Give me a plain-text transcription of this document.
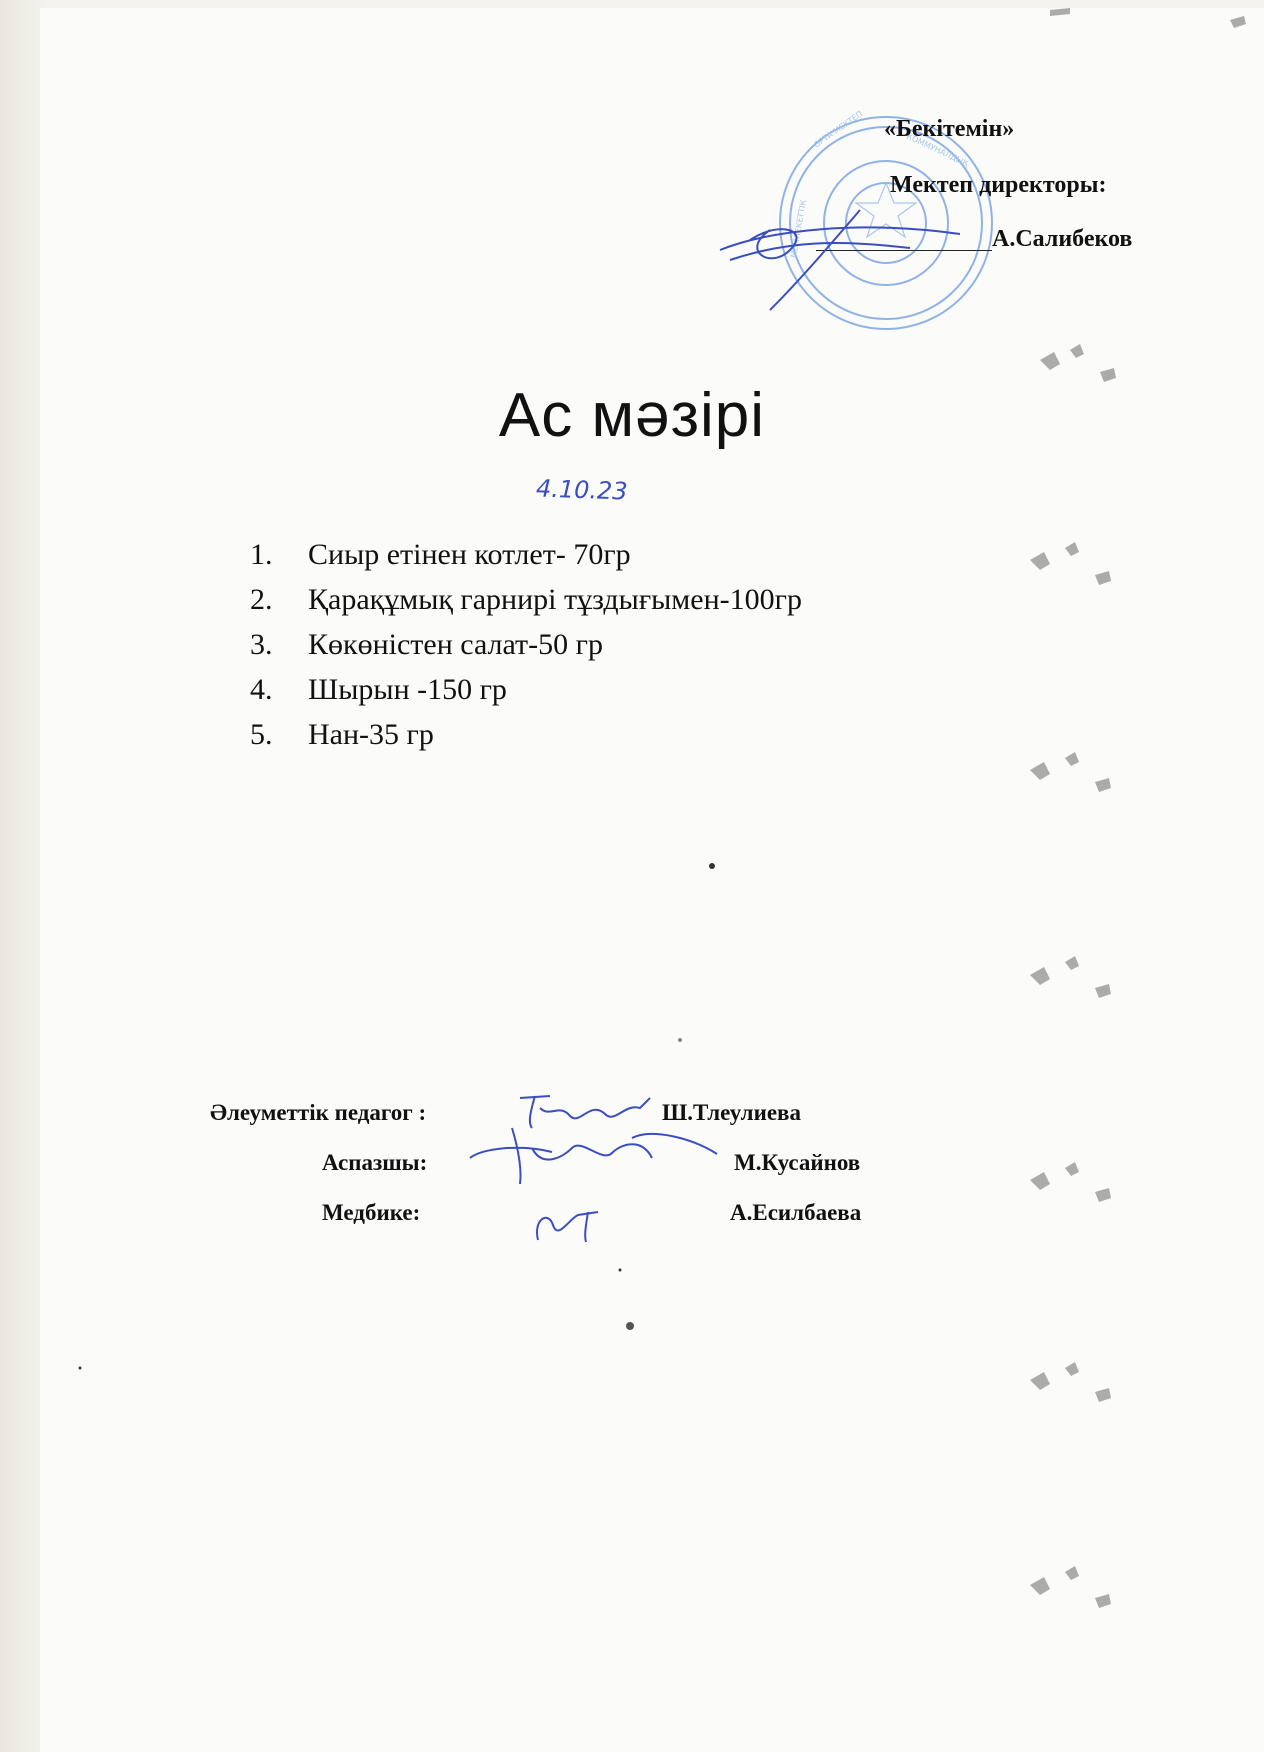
ОРТА МЕКТЕП
КОММУНАЛДЫҚ
МЕМЛЕКЕТТІК
«Бекітемін»
Мектеп директоры:
А.Салибеков
Ас мәзірі
4.10.23
1. Сиыр етінен котлет- 70гр
2. Қарақұмық гарнирі тұздығымен-100гр
3. Көкөністен салат-50 гр
4. Шырын -150 гр
5. Нан-35 гр
Әлеуметтік педагог :	Ш.Тлеулиева
Аспазшы:	М.Кусайнов
Медбике:	А.Есилбаева
